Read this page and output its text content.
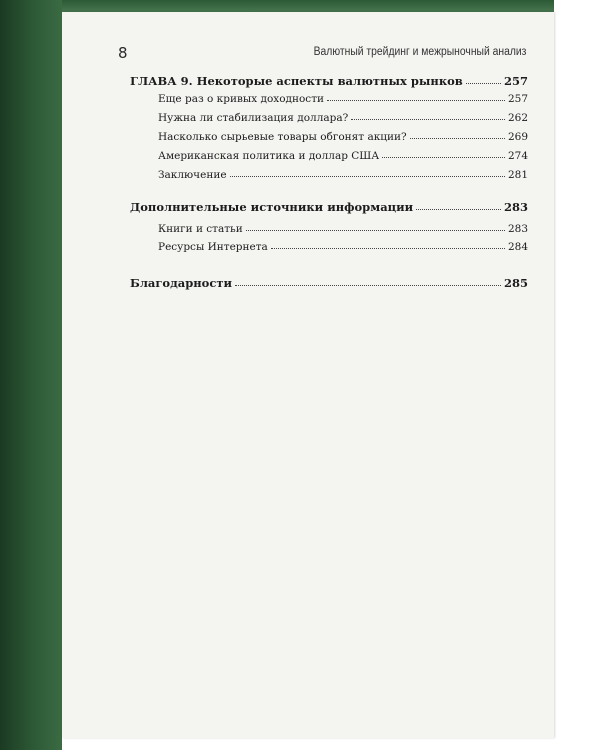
8	Валютный трейдинг и межрыночный анализ
ГЛАВА 9. Некоторые аспекты валютных рынков	257
Еще раз о кривых доходности	257
Нужна ли стабилизация доллара?	262
Насколько сырьевые товары обгонят акции?	269
Американская политика и доллар США	274
Заключение	281
Дополнительные источники информации	283
Книги и статьи	283
Ресурсы Интернета	284
Благодарности	285
